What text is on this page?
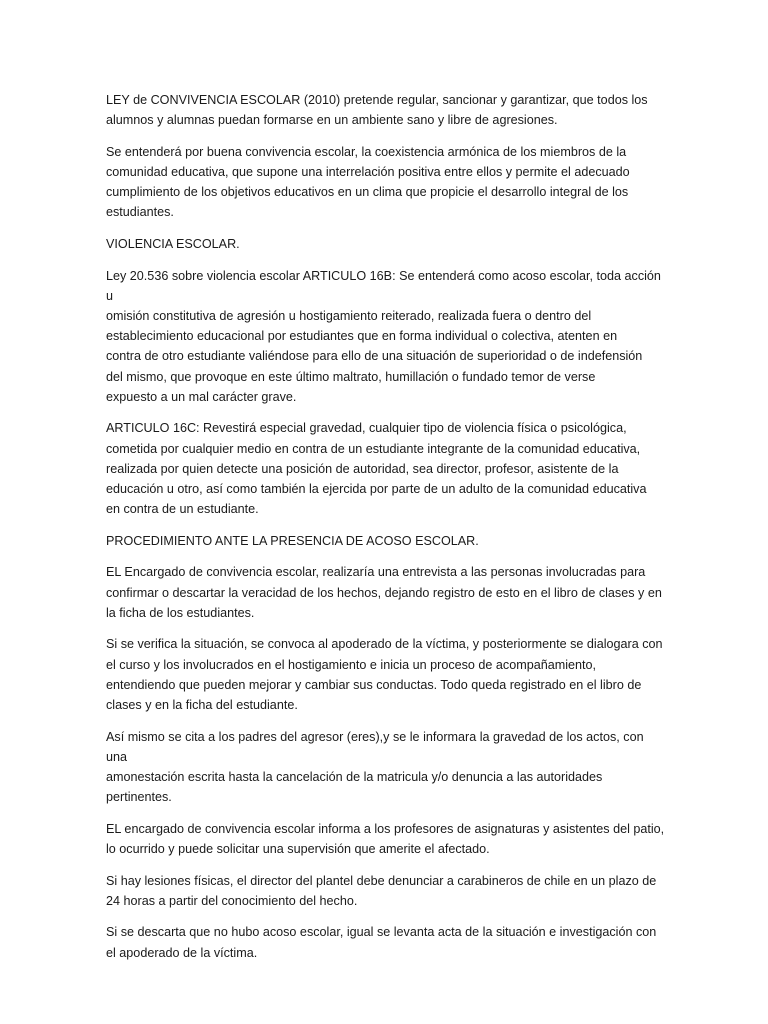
LEY de CONVIVENCIA ESCOLAR (2010) pretende regular, sancionar y garantizar, que todos los
alumnos y alumnas puedan formarse en un ambiente sano y libre de agresiones.

Se entenderá por buena convivencia escolar, la coexistencia armónica de los miembros de la
comunidad educativa, que supone una interrelación positiva entre ellos y permite el adecuado
cumplimiento de los objetivos educativos en un clima que propicie el desarrollo integral de los
estudiantes.

VIOLENCIA ESCOLAR.

Ley 20.536 sobre violencia escolar ARTICULO 16B: Se entenderá como acoso escolar, toda acción u
omisión constitutiva de agresión u hostigamiento reiterado, realizada fuera o dentro del
establecimiento educacional por estudiantes que en forma individual o colectiva, atenten en
contra de otro estudiante valiéndose para ello de una situación de superioridad o de indefensión
del mismo, que provoque en este último maltrato, humillación o fundado temor de verse
expuesto a un mal carácter grave.

ARTICULO 16C: Revestirá especial gravedad, cualquier tipo de violencia física o psicológica,
cometida por cualquier medio en contra de un estudiante integrante de la comunidad educativa,
realizada por quien detecte una posición de autoridad, sea director, profesor, asistente de la
educación u otro, así como también la ejercida por parte de un adulto de la comunidad educativa
en contra de un estudiante.

PROCEDIMIENTO ANTE LA PRESENCIA DE ACOSO ESCOLAR.

EL Encargado de convivencia escolar, realizaría una entrevista a las personas involucradas para
confirmar o descartar la veracidad de los hechos, dejando registro de esto en el libro de clases y en
la ficha de los estudiantes.

Si se verifica la situación, se convoca al apoderado de la víctima, y posteriormente se dialogara con
el curso y los involucrados en el hostigamiento e inicia un proceso de acompañamiento,
entendiendo que pueden mejorar y cambiar sus conductas. Todo queda registrado en el libro de
clases y en la ficha del estudiante.

Así mismo se cita a los padres del agresor (eres),y se le informara la gravedad de los actos, con una
amonestación escrita hasta la cancelación de la matricula y/o denuncia a las autoridades
pertinentes.

EL encargado de convivencia escolar informa a los profesores de asignaturas y asistentes del patio,
lo ocurrido y puede solicitar una supervisión que amerite el afectado.

Si hay lesiones físicas, el director del plantel debe denunciar a carabineros de chile en un plazo de
24 horas a partir del conocimiento del hecho.

Si se descarta que no hubo acoso escolar, igual se levanta acta de la situación e investigación con
el apoderado de la víctima.
